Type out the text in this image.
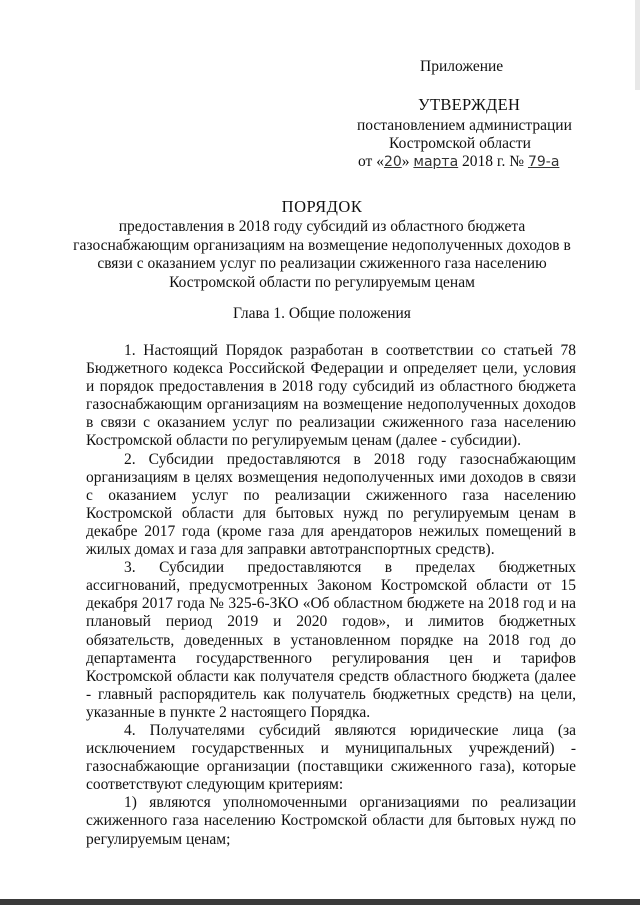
Приложение
УТВЕРЖДЕН
постановлением администрации
Костромской области
от «20» марта 2018 г. № 79-а
ПОРЯДОК
предоставления в 2018 году субсидий из областного бюджета газоснабжающим организациям на возмещение недополученных доходов в связи с оказанием услуг по реализации сжиженного газа населению Костромской области по регулируемым ценам
Глава 1. Общие положения

1. Настоящий Порядок разработан в соответствии со статьей 78 Бюджетного кодекса Российской Федерации и определяет цели, условия и порядок предоставления в 2018 году субсидий из областного бюджета газоснабжающим организациям на возмещение недополученных доходов в связи с оказанием услуг по реализации сжиженного газа населению Костромской области по регулируемым ценам (далее - субсидии).

2. Субсидии предоставляются в 2018 году газоснабжающим организациям в целях возмещения недополученных ими доходов в связи с оказанием услуг по реализации сжиженного газа населению Костромской области для бытовых нужд по регулируемым ценам в декабре 2017 года (кроме газа для арендаторов нежилых помещений в жилых домах и газа для заправки автотранспортных средств).

3. Субсидии предоставляются в пределах бюджетных ассигнований, предусмотренных Законом Костромской области от 15 декабря 2017 года № 325-6-ЗКО «Об областном бюджете на 2018 год и на плановый период 2019 и 2020 годов», и лимитов бюджетных обязательств, доведенных в установленном порядке на 2018 год до департамента государственного регулирования цен и тарифов Костромской области как получателя средств областного бюджета (далее - главный распорядитель как получатель бюджетных средств) на цели, указанные в пункте 2 настоящего Порядка.

4. Получателями субсидий являются юридические лица (за исключением государственных и муниципальных учреждений) - газоснабжающие организации (поставщики сжиженного газа), которые соответствуют следующим критериям:

1) являются уполномоченными организациями по реализации сжиженного газа населению Костромской области для бытовых нужд по регулируемым ценам;
